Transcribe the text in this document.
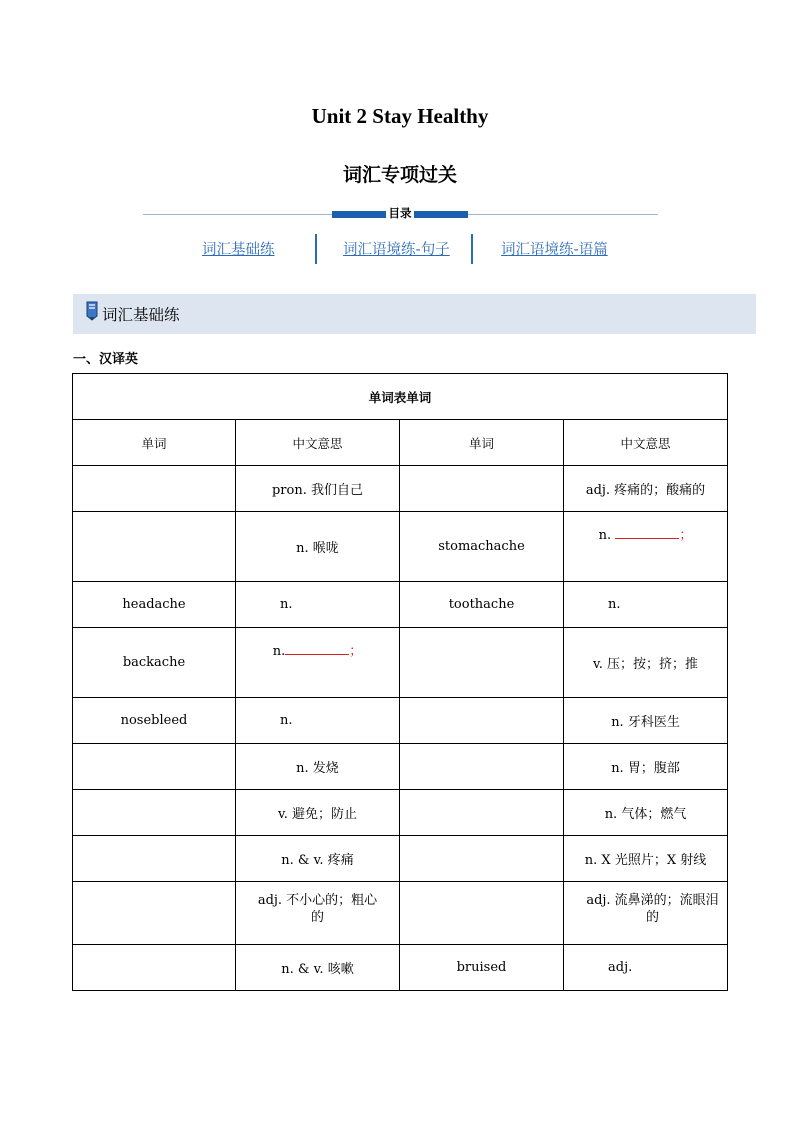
Unit 2 Stay Healthy
词汇专项过关
目录
词汇基础练	词汇语境练-句子	词汇语境练-语篇
词汇基础练
一、汉译英
单词表单词			
单词	中文意思	单词	中文意思
	pron. 我们自己		adj. 疼痛的；酸痛的
	n. 喉咙	stomachache	n. ；
headache	n.	toothache	n.
backache	n. ；		v. 压；按；挤；推
nosebleed	n.		n. 牙科医生
	n. 发烧		n. 胃；腹部
	v. 避免；防止		n. 气体；燃气
	n. & v. 疼痛		n. X 光照片；X 射线
	adj. 不小心的；粗心的		adj. 流鼻涕的；流眼泪的
	n. & v. 咳嗽	bruised	adj.
